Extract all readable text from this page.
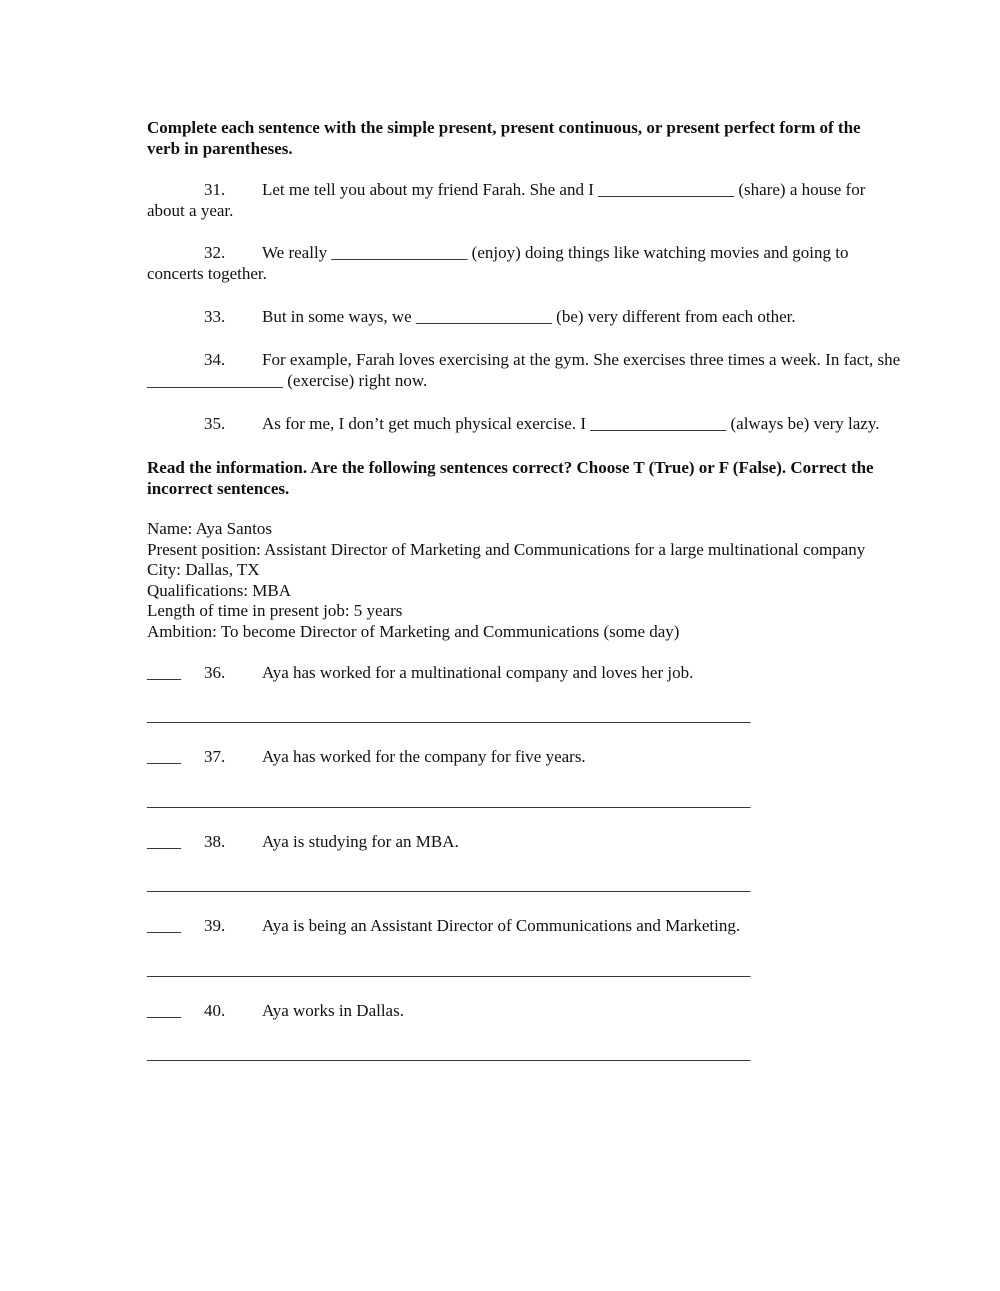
Complete each sentence with the simple present, present continuous, or present perfect form of the
verb in parentheses.
31. Let me tell you about my friend Farah. She and I ________________ (share) a house for
about a year.
32. We really ________________ (enjoy) doing things like watching movies and going to
concerts together.
33. But in some ways, we ________________ (be) very different from each other.
34. For example, Farah loves exercising at the gym. She exercises three times a week. In fact, she
________________ (exercise) right now.
35. As for me, I don’t get much physical exercise. I ________________ (always be) very lazy.
Read the information. Are the following sentences correct? Choose T (True) or F (False). Correct the
incorrect sentences.
Name: Aya Santos
Present position: Assistant Director of Marketing and Communications for a large multinational company
City: Dallas, TX
Qualifications: MBA
Length of time in present job: 5 years
Ambition: To become Director of Marketing and Communications (some day)
____ 36. Aya has worked for a multinational company and loves her job.
_______________________________________________________________________
____ 37. Aya has worked for the company for five years.
_______________________________________________________________________
____ 38. Aya is studying for an MBA.
_______________________________________________________________________
____ 39. Aya is being an Assistant Director of Communications and Marketing.
_______________________________________________________________________
____ 40. Aya works in Dallas.
_______________________________________________________________________
